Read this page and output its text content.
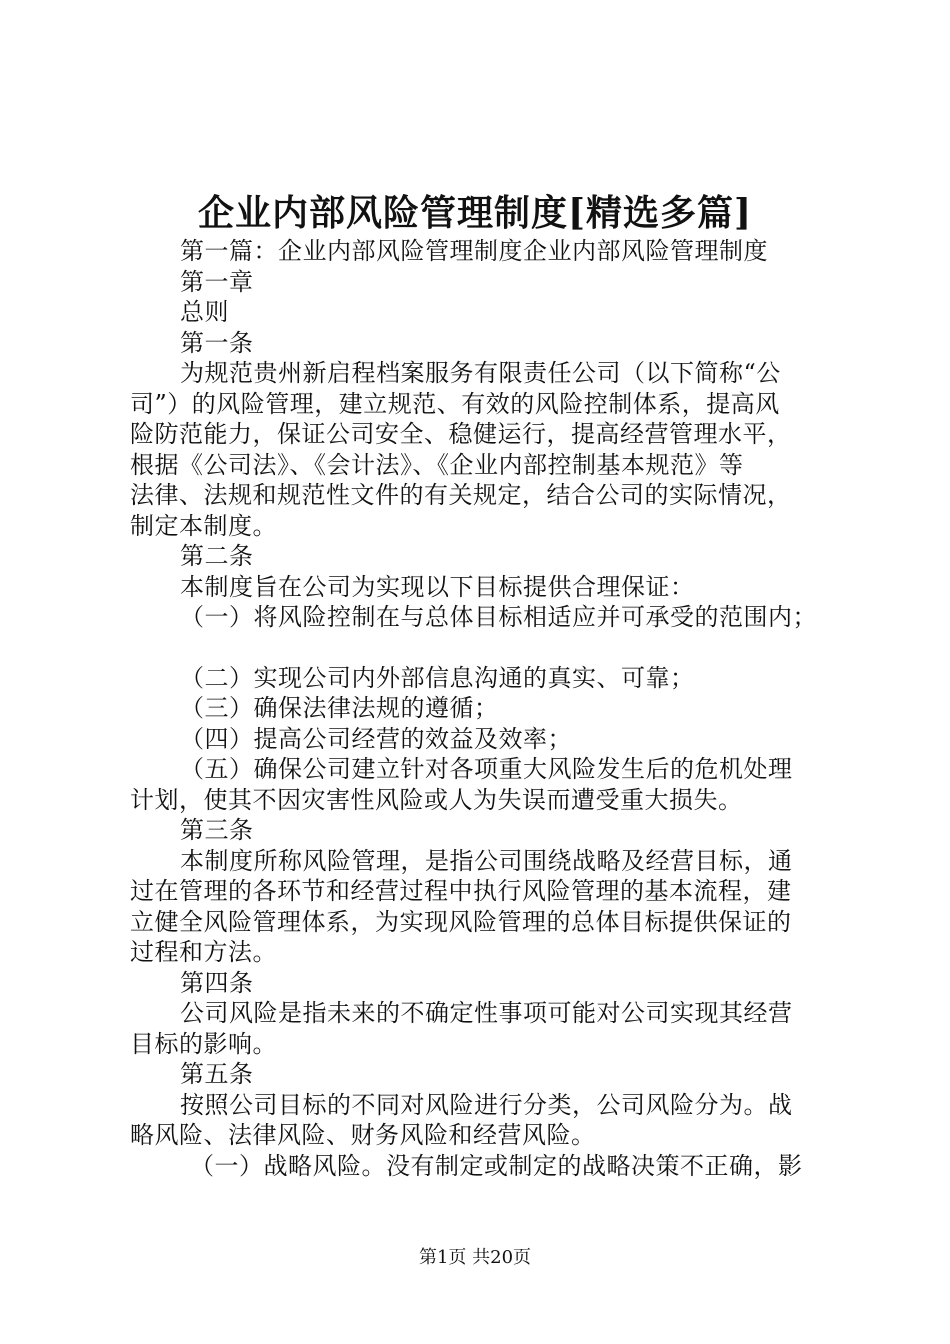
企业内部风险管理制度[精选多篇]
第一篇：企业内部风险管理制度企业内部风险管理制度
第一章
总则
第一条
为规范贵州新启程档案服务有限责任公司（以下简称“公
司”）的风险管理，建立规范、有效的风险控制体系，提高风
险防范能力，保证公司安全、稳健运行，提高经营管理水平，
根据《公司法》、《会计法》、《企业内部控制基本规范》等
法律、法规和规范性文件的有关规定，结合公司的实际情况，
制定本制度。
第二条
本制度旨在公司为实现以下目标提供合理保证：
（一）将风险控制在与总体目标相适应并可承受的范围内；
（二）实现公司内外部信息沟通的真实、可靠；
（三）确保法律法规的遵循；
（四）提高公司经营的效益及效率；
（五）确保公司建立针对各项重大风险发生后的危机处理
计划，使其不因灾害性风险或人为失误而遭受重大损失。
第三条
本制度所称风险管理，是指公司围绕战略及经营目标，通
过在管理的各环节和经营过程中执行风险管理的基本流程，建
立健全风险管理体系，为实现风险管理的总体目标提供保证的
过程和方法。
第四条
公司风险是指未来的不确定性事项可能对公司实现其经营
目标的影响。
第五条
按照公司目标的不同对风险进行分类，公司风险分为。战
略风险、法律风险、财务风险和经营风险。
（一）战略风险。没有制定或制定的战略决策不正确，影
第1页 共20页
